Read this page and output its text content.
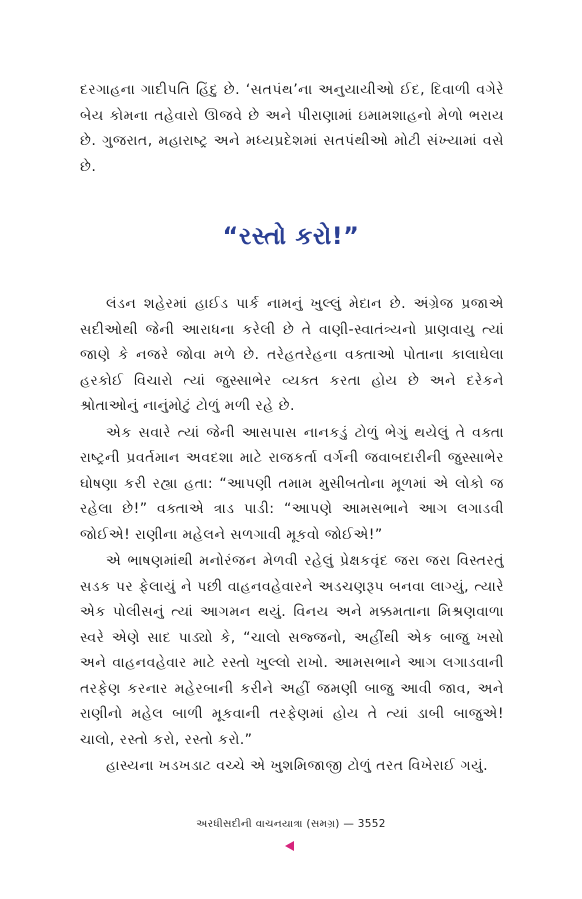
દરગાહના ગાદીપતિ હિંદુ છે. ‘સતપંથ’ના અનુયાયીઓ ઈદ, દિવાળી વગેરે બેય કોમના તહેવારો ઊજવે છે અને પીરાણામાં ઇમામશાહનો મેળો ભરાય છે. ગુજરાત, મહારાષ્ટ્ર અને મધ્યપ્રદેશમાં સતપંથીઓ મોટી સંખ્યામાં વસે છે.

“રસ્તો કરો!”

લંડન શહેરમાં હાઈડ પાર્ક નામનું ખુલ્લું મેદાન છે. અંગ્રેજ પ્રજાએ સદીઓથી જેની આરાધના કરેલી છે તે વાણી-સ્વાતંત્ર્યનો પ્રાણવાયુ ત્યાં જાણે કે નજરે જોવા મળે છે. તરેહતરેહના વક્તાઓ પોતાના કાલાઘેલા હરકોઈ વિચારો ત્યાં જુસ્સાભેર વ્યક્ત કરતા હોય છે અને દરેકને શ્રોતાઓનું નાનુંમોટું ટોળું મળી રહે છે.

એક સવારે ત્યાં જેની આસપાસ નાનકડું ટોળું ભેગું થયેલું તે વક્તા રાષ્ટ્રની પ્રવર્તમાન અવદશા માટે રાજકર્તા વર્ગની જવાબદારીની જુસ્સાભેર ઘોષણા કરી રહ્યા હતા: “આપણી તમામ મુસીબતોના મૂળમાં એ લોકો જ રહેલા છે!” વક્તાએ ત્રાડ પાડી: “આપણે આમસભાને આગ લગાડવી જોઈએ! રાણીના મહેલને સળગાવી મૂકવો જોઈએ!”

એ ભાષણમાંથી મનોરંજન મેળવી રહેલું પ્રેક્ષકવૃંદ જરા જરા વિસ્તરતું સડક પર ફેલાયું ને પછી વાહનવહેવારને અડચણરૂપ બનવા લાગ્યું, ત્યારે એક પોલીસનું ત્યાં આગમન થયું. વિનય અને મક્કમતાના મિશ્રણવાળા સ્વરે એણે સાદ પાડ્યો કે, “ચાલો સજ્જનો, અહીંથી એક બાજુ ખસો અને વાહનવહેવાર માટે રસ્તો ખુલ્લો રાખો. આમસભાને આગ લગાડવાની તરફેણ કરનાર મહેરબાની કરીને અહીં જમણી બાજુ આવી જાવ, અને રાણીનો મહેલ બાળી મૂકવાની તરફેણમાં હોય તે ત્યાં ડાબી બાજુએ! ચાલો, રસ્તો કરો, રસ્તો કરો.”

હાસ્યના ખડખડાટ વચ્ચે એ ખુશમિજાજી ટોળું તરત વિખેરાઈ ગયું.

અરધીસદીની વાચનયાત્રા (સમગ્ર) — 3552
